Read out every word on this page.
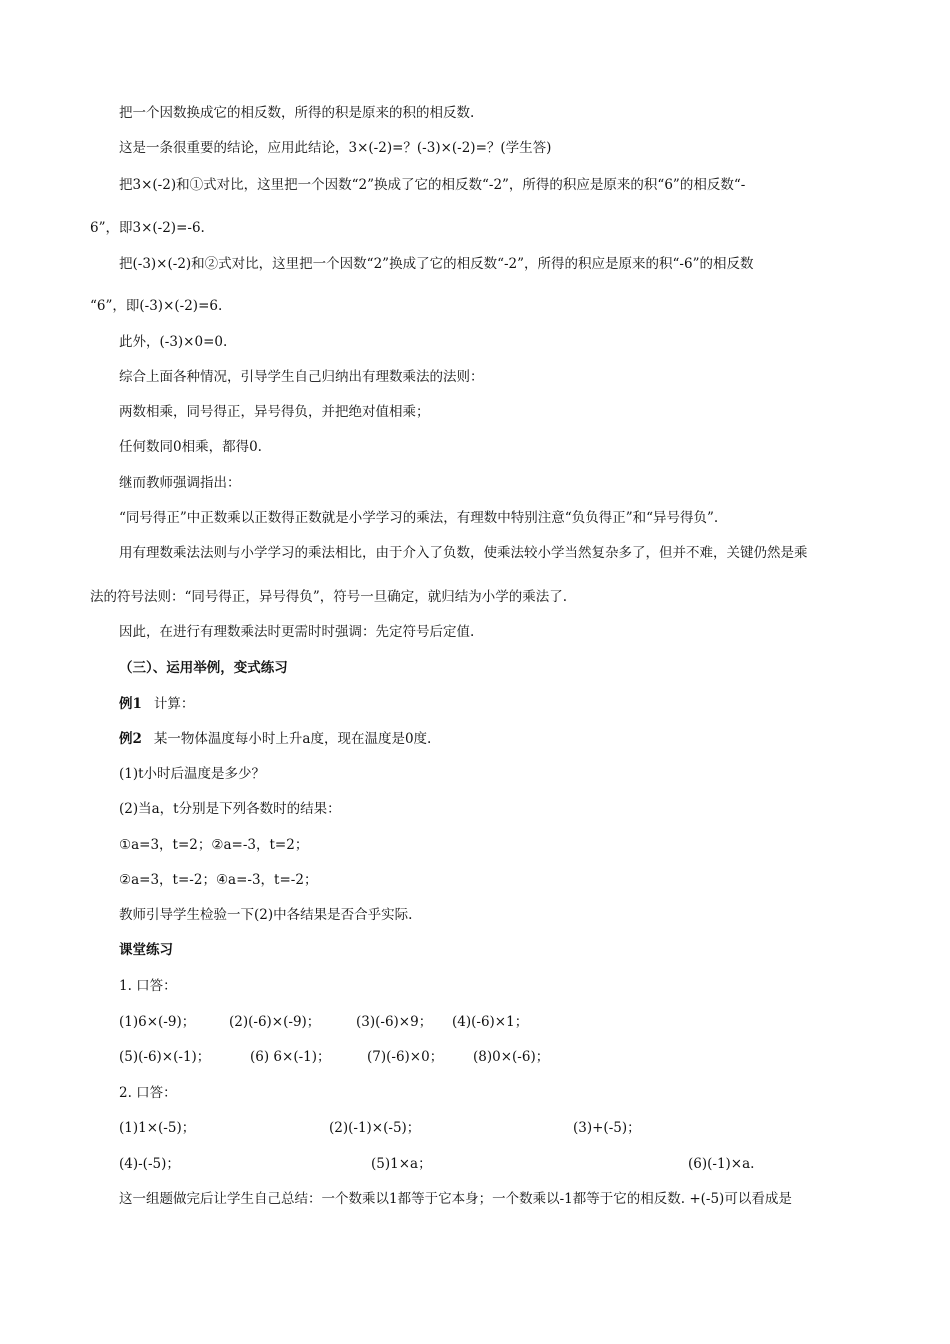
把一个因数换成它的相反数，所得的积是原来的积的相反数.
这是一条很重要的结论，应用此结论，3×(-2)=？(-3)×(-2)=？(学生答)
把3×(-2)和①式对比，这里把一个因数“2”换成了它的相反数“-2”，所得的积应是原来的积“6”的相反数“-
6”，即3×(-2)=-6.
把(-3)×(-2)和②式对比，这里把一个因数“2”换成了它的相反数“-2”，所得的积应是原来的积“-6”的相反数
“6”，即(-3)×(-2)=6.
此外，(-3)×0=0.
综合上面各种情况，引导学生自己归纳出有理数乘法的法则：
两数相乘，同号得正，异号得负，并把绝对值相乘；
任何数同0相乘，都得0.
继而教师强调指出：
“同号得正”中正数乘以正数得正数就是小学学习的乘法，有理数中特别注意“负负得正”和“异号得负”.
用有理数乘法法则与小学学习的乘法相比，由于介入了负数，使乘法较小学当然复杂多了，但并不难，关键仍然是乘
法的符号法则：“同号得正，异号得负”，符号一旦确定，就归结为小学的乘法了.
因此，在进行有理数乘法时更需时时强调：先定符号后定值.
（三）、运用举例，变式练习
例1 计算：
例2 某一物体温度每小时上升a度，现在温度是0度.
(1)t小时后温度是多少？
(2)当a，t分别是下列各数时的结果：
①a=3，t=2；②a=-3，t=2；
②a=3，t=-2；④a=-3，t=-2；
教师引导学生检验一下(2)中各结果是否合乎实际.
课堂练习
1. 口答：
(1)6×(-9)；	(2)(-6)×(-9)；	(3)(-6)×9； (4)(-6)×1；
(5)(-6)×(-1)；	(6) 6×(-1)；	(7)(-6)×0； (8)0×(-6)；
2. 口答：
(1)1×(-5)；	(2)(-1)×(-5)；	(3)+(-5)；
(4)-(-5)；	(5)1×a；	(6)(-1)×a.
这一组题做完后让学生自己总结：一个数乘以1都等于它本身；一个数乘以-1都等于它的相反数. +(-5)可以看成是
